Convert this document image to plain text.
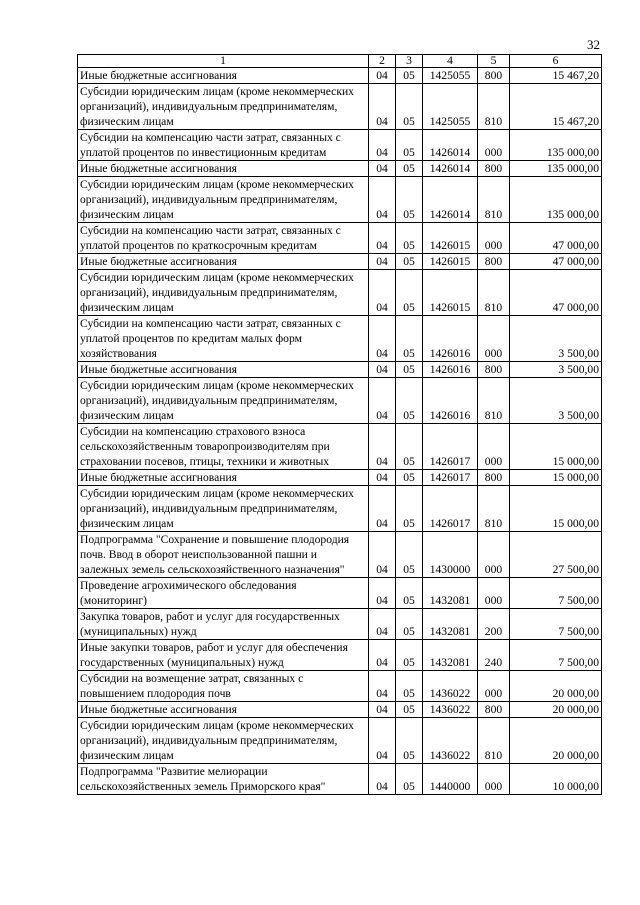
32
1	2	3	4	5	6
Иные бюджетные ассигнования	04	05	1425055	800	15 467,20
Субсидии юридическим лицам (кроме некоммерческих организаций), индивидуальным предпринимателям, физическим лицам	04	05	1425055	810	15 467,20
Субсидии на компенсацию части затрат, связанных с уплатой процентов по инвестиционным кредитам	04	05	1426014	000	135 000,00
Иные бюджетные ассигнования	04	05	1426014	800	135 000,00
Субсидии юридическим лицам (кроме некоммерческих организаций), индивидуальным предпринимателям, физическим лицам	04	05	1426014	810	135 000,00
Субсидии на компенсацию части затрат, связанных с уплатой процентов по краткосрочным кредитам	04	05	1426015	000	47 000,00
Иные бюджетные ассигнования	04	05	1426015	800	47 000,00
Субсидии юридическим лицам (кроме некоммерческих организаций), индивидуальным предпринимателям, физическим лицам	04	05	1426015	810	47 000,00
Субсидии на компенсацию части затрат, связанных с уплатой процентов по кредитам малых форм хозяйствования	04	05	1426016	000	3 500,00
Иные бюджетные ассигнования	04	05	1426016	800	3 500,00
Субсидии юридическим лицам (кроме некоммерческих организаций), индивидуальным предпринимателям, физическим лицам	04	05	1426016	810	3 500,00
Субсидии на компенсацию страхового взноса сельскохозяйственным товаропроизводителям при страховании посевов, птицы, техники и животных	04	05	1426017	000	15 000,00
Иные бюджетные ассигнования	04	05	1426017	800	15 000,00
Субсидии юридическим лицам (кроме некоммерческих организаций), индивидуальным предпринимателям, физическим лицам	04	05	1426017	810	15 000,00
Подпрограмма "Сохранение и повышение плодородия почв. Ввод в оборот неиспользованной пашни и залежных земель сельскохозяйственного назначения"	04	05	1430000	000	27 500,00
Проведение агрохимического обследования (мониторинг)	04	05	1432081	000	7 500,00
Закупка товаров, работ и услуг для государственных (муниципальных) нужд	04	05	1432081	200	7 500,00
Иные закупки товаров, работ и услуг для обеспечения государственных (муниципальных) нужд	04	05	1432081	240	7 500,00
Субсидии на возмещение затрат, связанных с повышением плодородия почв	04	05	1436022	000	20 000,00
Иные бюджетные ассигнования	04	05	1436022	800	20 000,00
Субсидии юридическим лицам (кроме некоммерческих организаций), индивидуальным предпринимателям, физическим лицам	04	05	1436022	810	20 000,00
Подпрограмма "Развитие мелиорации сельскохозяйственных земель Приморского края"	04	05	1440000	000	10 000,00
